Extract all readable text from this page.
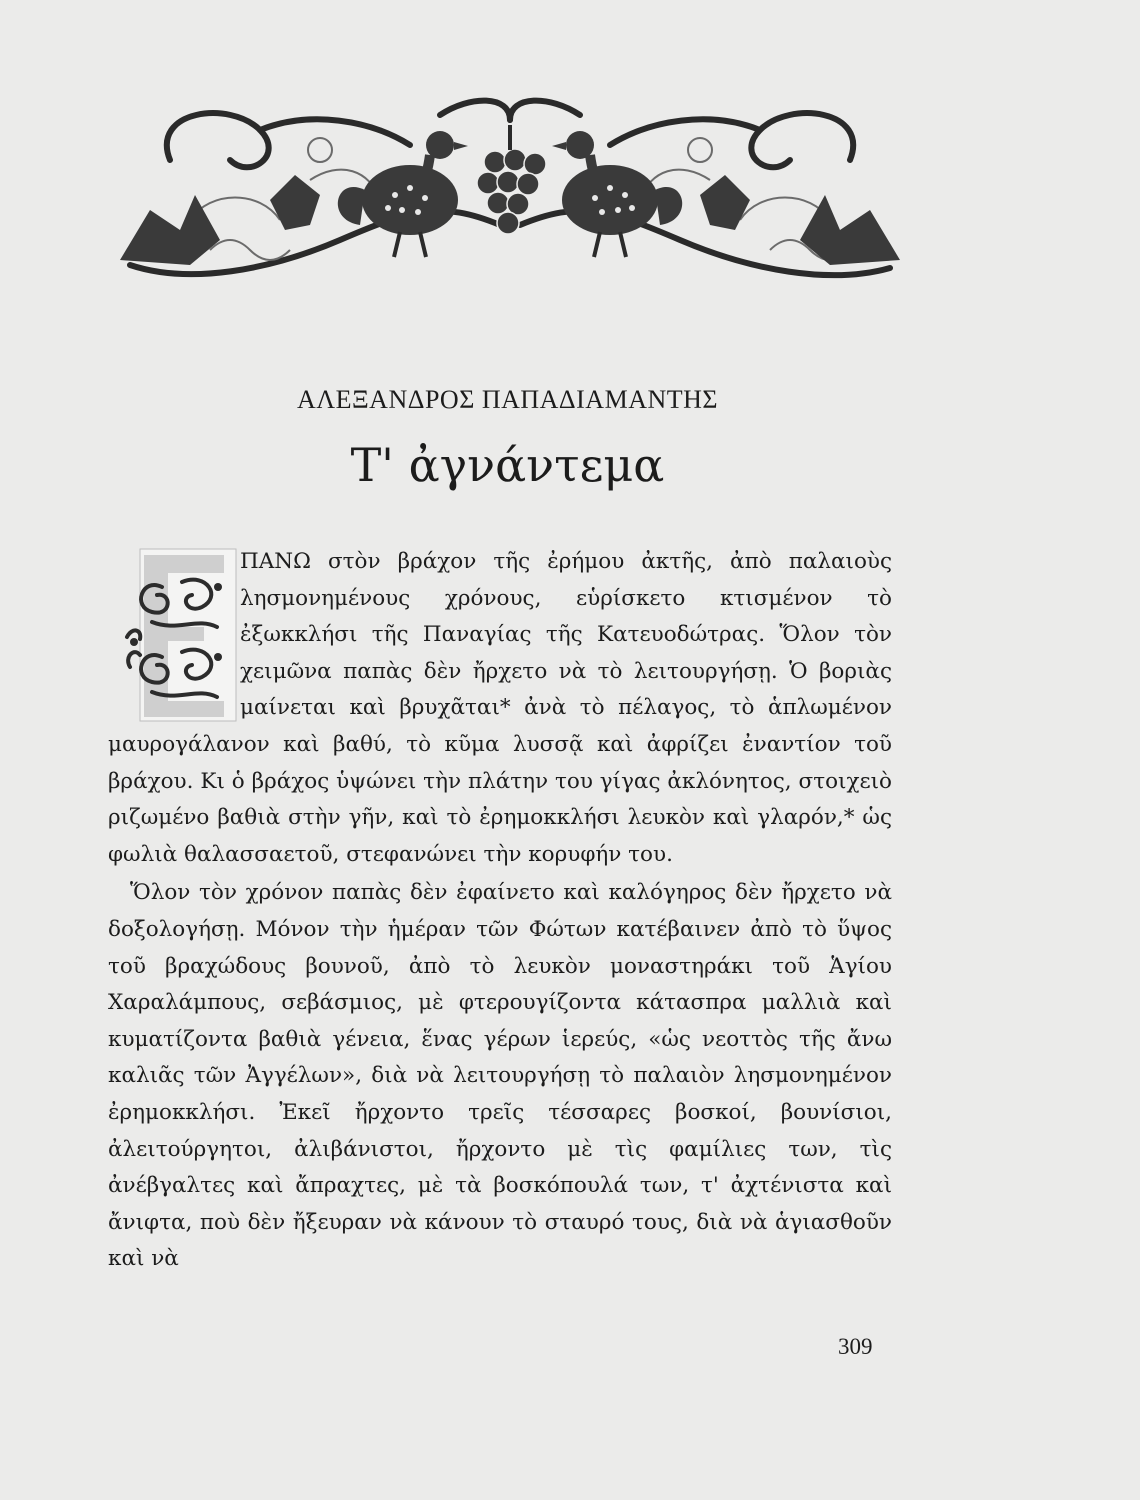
ΑΛΕΞΑΝΔΡΟΣ ΠΑΠΑΔΙΑΜΑΝΤΗΣ
Τ' ἀγνάντεμα

ΠΑΝΩ στὸν βράχον τῆς ἐρήμου ἀκτῆς, ἀπὸ παλαιοὺς λησμονημένους χρόνους, εὑρίσκετο κτισμένον τὸ ἐξωκκλήσι τῆς Παναγίας τῆς Κατευοδώτρας. Ὅλον τὸν χειμῶνα παπὰς δὲν ἤρχετο νὰ τὸ λειτουργήσῃ. Ὁ βοριὰς μαίνεται καὶ βρυχᾶται* ἀνὰ τὸ πέλαγος, τὸ ἁπλωμένον μαυρογάλανον καὶ βαθύ, τὸ κῦμα λυσσᾷ καὶ ἀφρίζει ἐναντίον τοῦ βράχου. Κι ὁ βράχος ὑψώνει τὴν πλάτην του γίγας ἀκλόνητος, στοιχειὸ ριζωμένο βαθιὰ στὴν γῆν, καὶ τὸ ἐρημοκκλήσι λευκὸν καὶ γλαρόν,* ὡς φωλιὰ θαλασσαετοῦ, στεφανώνει τὴν κορυφήν του.

Ὅλον τὸν χρόνον παπὰς δὲν ἐφαίνετο καὶ καλόγηρος δὲν ἤρχετο νὰ δοξολογήσῃ. Μόνον τὴν ἡμέραν τῶν Φώτων κατέβαινεν ἀπὸ τὸ ὕψος τοῦ βραχώδους βουνοῦ, ἀπὸ τὸ λευκὸν μοναστηράκι τοῦ Ἁγίου Χαραλάμπους, σεβάσμιος, μὲ φτερουγίζοντα κάτασπρα μαλλιὰ καὶ κυματίζοντα βαθιὰ γένεια, ἕνας γέρων ἱερεύς, «ὡς νεοττὸς τῆς ἄνω καλιᾶς τῶν Ἀγγέλων», διὰ νὰ λειτουργήσῃ τὸ παλαιὸν λησμονημένον ἐρημοκκλήσι. Ἐκεῖ ἤρχοντο τρεῖς τέσσαρες βοσκοί, βουνίσιοι, ἀλειτούργητοι, ἀλιβάνιστοι, ἤρχοντο μὲ τὶς φαμίλιες των, τὶς ἀνέβγαλτες καὶ ἄπραχτες, μὲ τὰ βοσκόπουλά των, τ' ἀχτένιστα καὶ ἄνιφτα, ποὺ δὲν ἤξευραν νὰ κάνουν τὸ σταυρό τους, διὰ νὰ ἁγιασθοῦν καὶ νὰ

309
